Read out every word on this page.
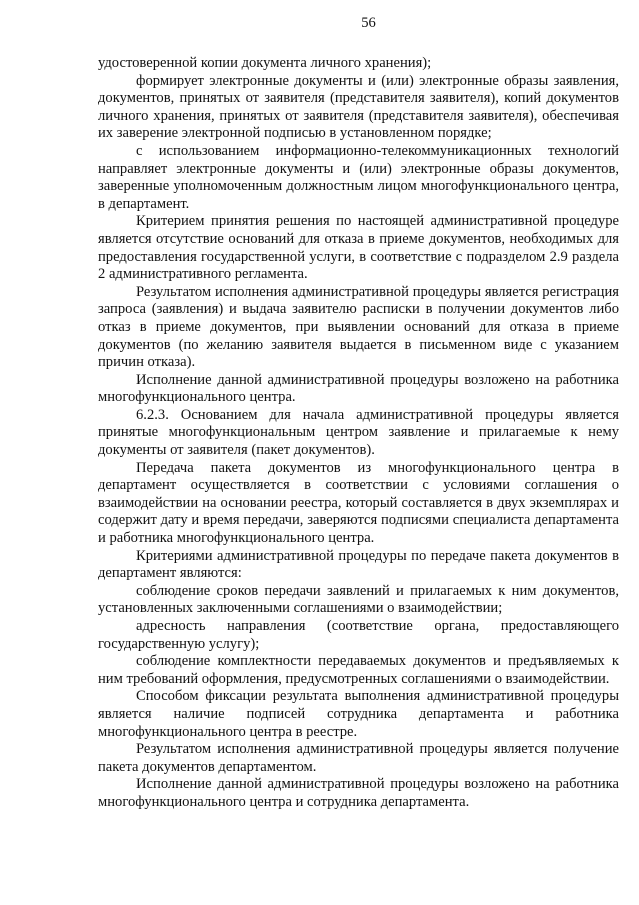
56

удостоверенной копии документа личного хранения);

формирует электронные документы и (или) электронные образы заявления, документов, принятых от заявителя (представителя заявителя), копий документов личного хранения, принятых от заявителя (представителя заявителя), обеспечивая их заверение электронной подписью в установленном порядке;

с использованием информационно-телекоммуникационных технологий направляет электронные документы и (или) электронные образы документов, заверенные уполномоченным должностным лицом многофункционального центра, в департамент.

Критерием принятия решения по настоящей административной процедуре является отсутствие оснований для отказа в приеме документов, необходимых для предоставления государственной услуги, в соответствие с подразделом 2.9 раздела 2 административного регламента.

Результатом исполнения административной процедуры является регистрация запроса (заявления) и выдача заявителю расписки в получении документов либо отказ в приеме документов, при выявлении оснований для отказа в приеме документов (по желанию заявителя выдается в письменном виде с указанием причин отказа).

Исполнение данной административной процедуры возложено на работника многофункционального центра.

6.2.3. Основанием для начала административной процедуры является принятые многофункциональным центром заявление и прилагаемые к нему документы от заявителя (пакет документов).

Передача пакета документов из многофункционального центра в департамент осуществляется в соответствии с условиями соглашения о взаимодействии на основании реестра, который составляется в двух экземплярах и содержит дату и время передачи, заверяются подписями специалиста департамента и работника многофункционального центра.

Критериями административной процедуры по передаче пакета документов в департамент являются:

соблюдение сроков передачи заявлений и прилагаемых к ним документов, установленных заключенными соглашениями о взаимодействии;

адресность направления (соответствие органа, предоставляющего государственную услугу);

соблюдение комплектности передаваемых документов и предъявляемых к ним требований оформления, предусмотренных соглашениями о взаимодействии.

Способом фиксации результата выполнения административной процедуры является наличие подписей сотрудника департамента и работника многофункционального центра в реестре.

Результатом исполнения административной процедуры является получение пакета документов департаментом.

Исполнение данной административной процедуры возложено на работника многофункционального центра и сотрудника департамента.
